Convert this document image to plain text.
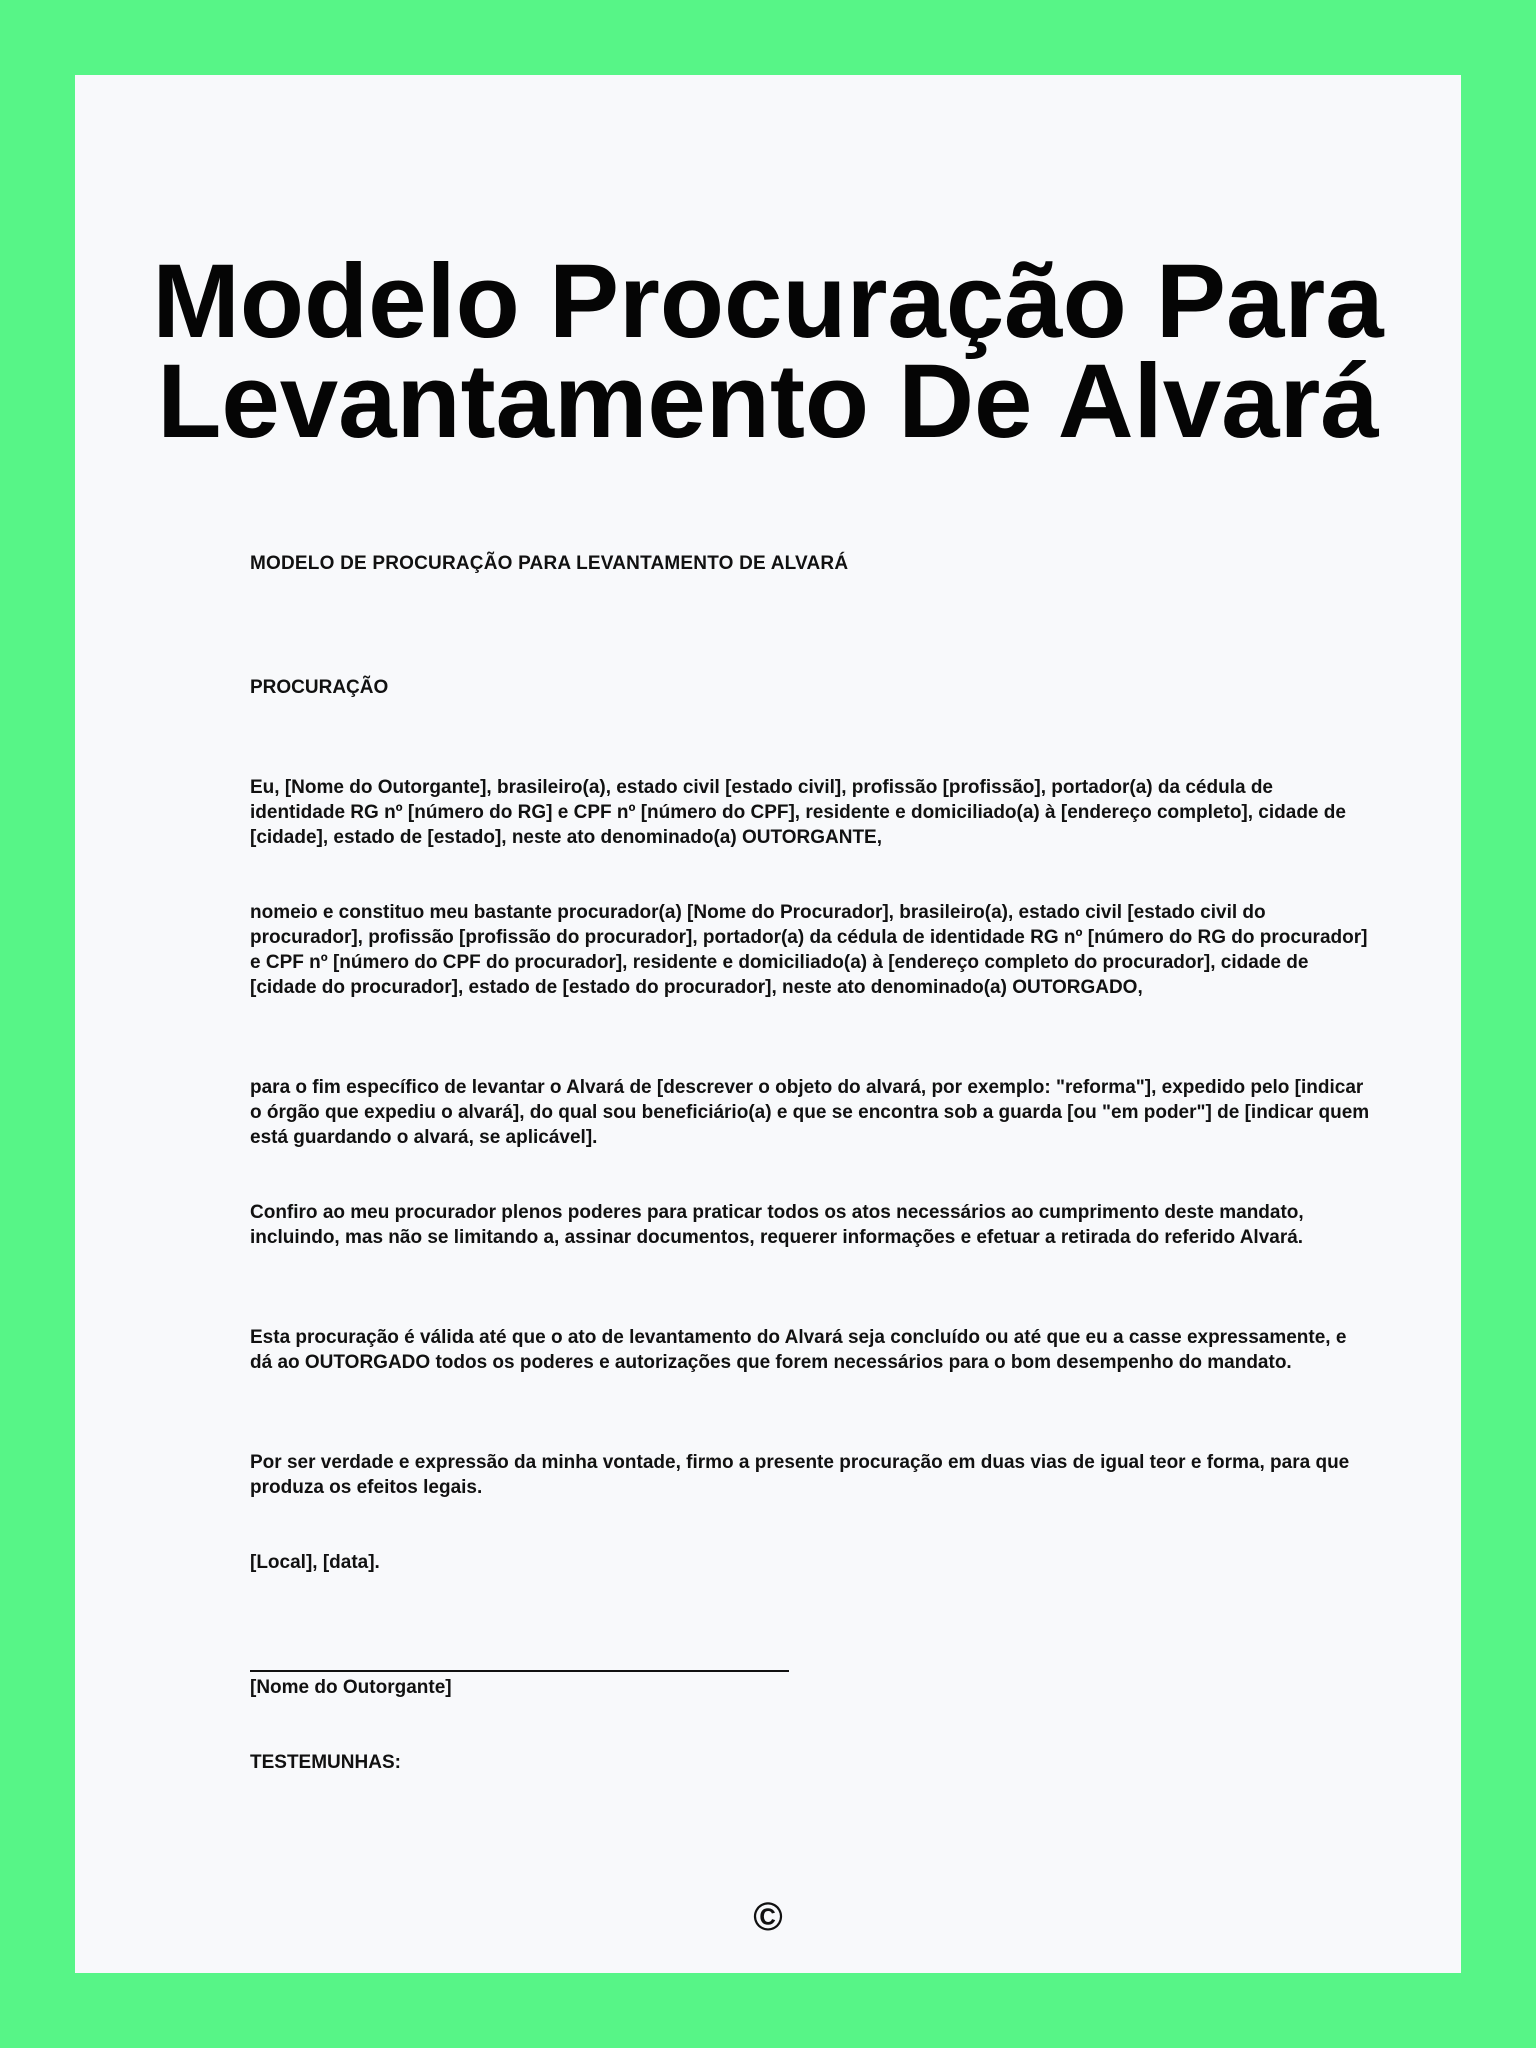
Modelo Procuração Para
Levantamento De Alvará

MODELO DE PROCURAÇÃO PARA LEVANTAMENTO DE ALVARÁ

PROCURAÇÃO

Eu, [Nome do Outorgante], brasileiro(a), estado civil [estado civil], profissão [profissão], portador(a) da cédula de identidade RG nº [número do RG] e CPF nº [número do CPF], residente e domiciliado(a) à [endereço completo], cidade de [cidade], estado de [estado], neste ato denominado(a) OUTORGANTE,

nomeio e constituo meu bastante procurador(a) [Nome do Procurador], brasileiro(a), estado civil [estado civil do procurador], profissão [profissão do procurador], portador(a) da cédula de identidade RG nº [número do RG do procurador] e CPF nº [número do CPF do procurador], residente e domiciliado(a) à [endereço completo do procurador], cidade de [cidade do procurador], estado de [estado do procurador], neste ato denominado(a) OUTORGADO,

para o fim específico de levantar o Alvará de [descrever o objeto do alvará, por exemplo: "reforma"], expedido pelo [indicar o órgão que expediu o alvará], do qual sou beneficiário(a) e que se encontra sob a guarda [ou "em poder"] de [indicar quem está guardando o alvará, se aplicável].

Confiro ao meu procurador plenos poderes para praticar todos os atos necessários ao cumprimento deste mandato, incluindo, mas não se limitando a, assinar documentos, requerer informações e efetuar a retirada do referido Alvará.

Esta procuração é válida até que o ato de levantamento do Alvará seja concluído ou até que eu a casse expressamente, e dá ao OUTORGADO todos os poderes e autorizações que forem necessários para o bom desempenho do mandato.

Por ser verdade e expressão da minha vontade, firmo a presente procuração em duas vias de igual teor e forma, para que produza os efeitos legais.

[Local], [data].

[Nome do Outorgante]

TESTEMUNHAS:

©
